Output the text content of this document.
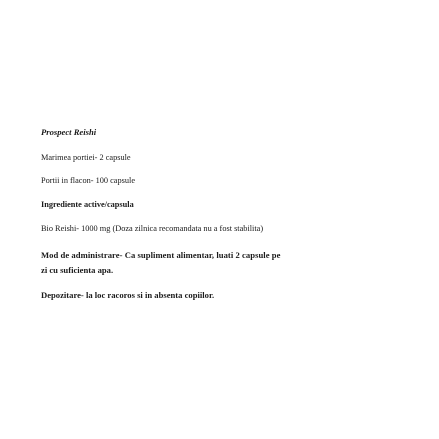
Prospect Reishi
Marimea portiei- 2 capsule
Portii in flacon- 100 capsule
Ingrediente active/capsula
Bio Reishi- 1000 mg (Doza zilnica recomandata nu a fost stabilita)
Mod de administrare- Ca supliment alimentar, luati 2 capsule pe
zi cu suficienta apa.
Depozitare- la loc racoros si in absenta copiilor.
